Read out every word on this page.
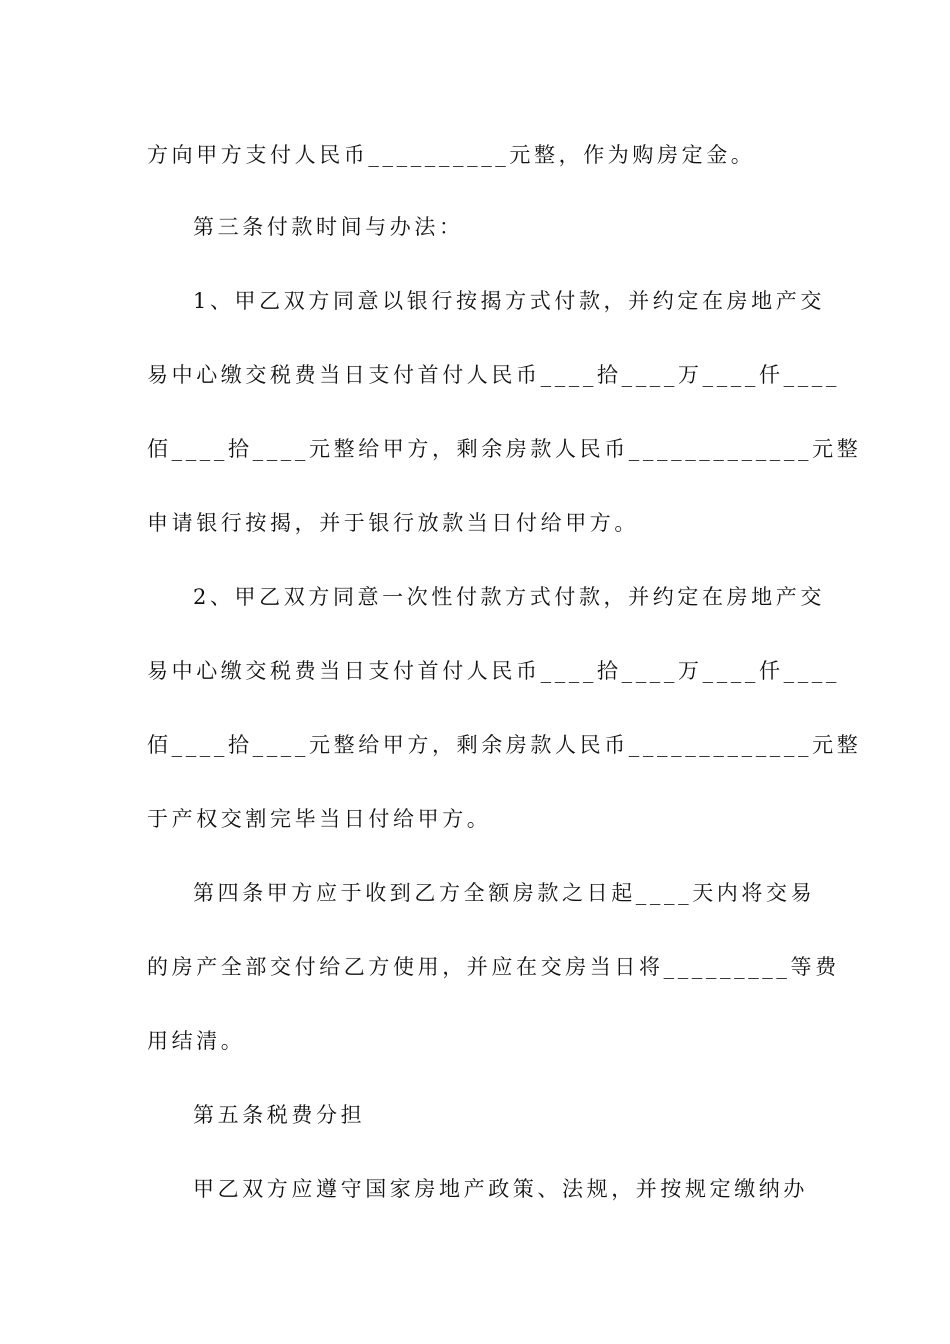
方向甲方支付人民币__________元整，作为购房定金。
第三条付款时间与办法：
1、甲乙双方同意以银行按揭方式付款，并约定在房地产交
易中心缴交税费当日支付首付人民币____拾____万____仟____
佰____拾____元整给甲方，剩余房款人民币_____________元整
申请银行按揭，并于银行放款当日付给甲方。
2、甲乙双方同意一次性付款方式付款，并约定在房地产交
易中心缴交税费当日支付首付人民币____拾____万____仟____
佰____拾____元整给甲方，剩余房款人民币_____________元整
于产权交割完毕当日付给甲方。
第四条甲方应于收到乙方全额房款之日起____天内将交易
的房产全部交付给乙方使用，并应在交房当日将_________等费
用结清。
第五条税费分担
甲乙双方应遵守国家房地产政策、法规，并按规定缴纳办
